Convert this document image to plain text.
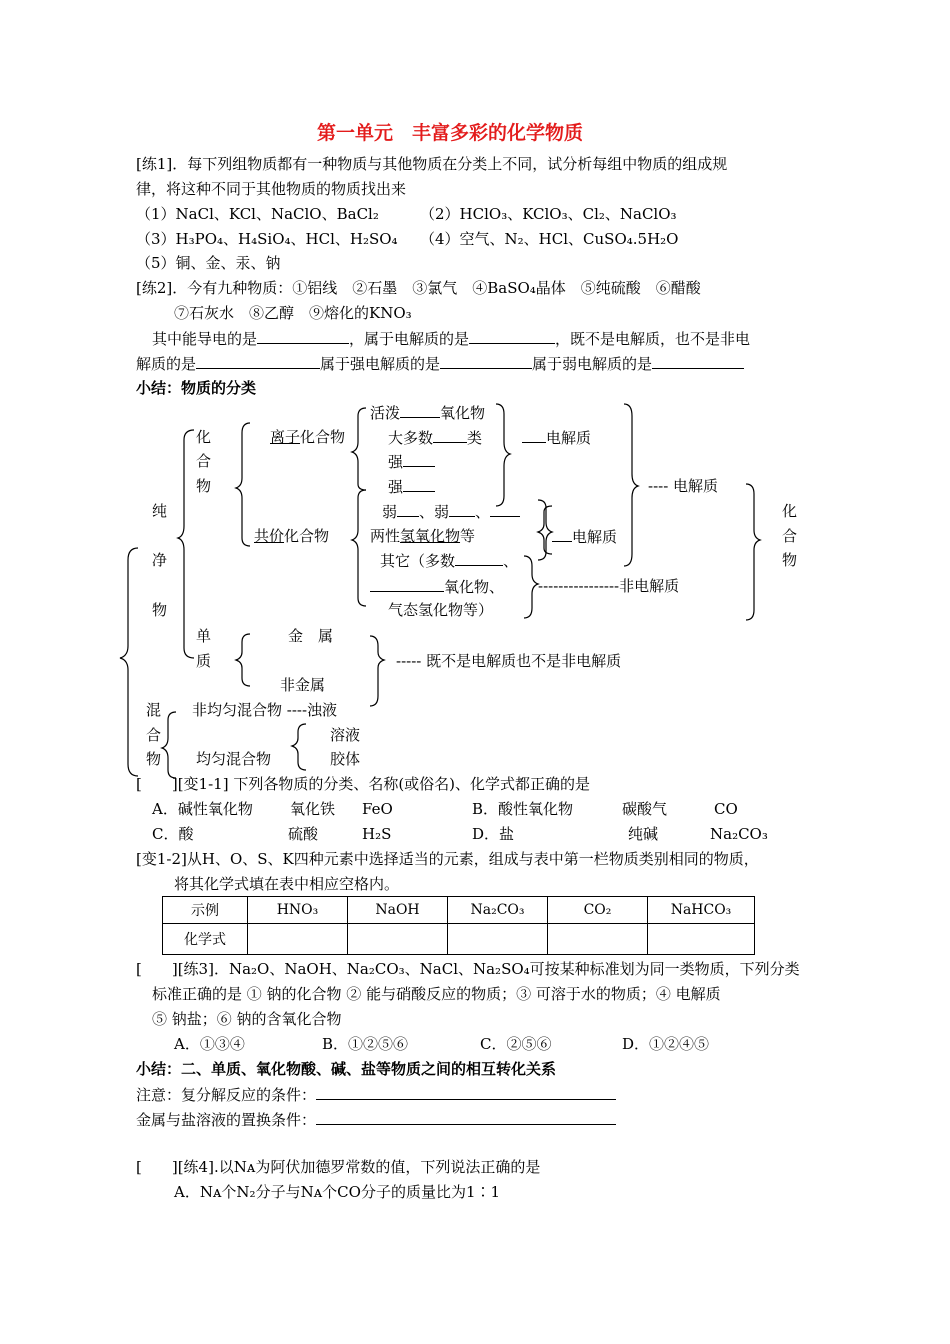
第一单元　丰富多彩的化学物质
[练1]．每下列组物质都有一种物质与其他物质在分类上不同，试分析每组中物质的组成规
律，将这种不同于其他物质的物质找出来
（1）NaCl、KCl、NaClO、BaCl₂	（2）HClO₃、KClO₃、Cl₂、NaClO₃
（3）H₃PO₄、H₄SiO₄、HCl、H₂SO₄ （4）空气、N₂、HCl、CuSO₄.5H₂O
（5）铜、金、汞、钠
[练2]．今有九种物质：①铝线　②石墨　③氯气　④BaSO₄晶体　⑤纯硫酸　⑥醋酸
⑦石灰水　⑧乙醇　⑨熔化的KNO₃
其中能导电的是	，属于电解质的是	，既不是电解质，也不是非电
解质的是	属于强电解质的是	属于弱电解质的是
小结：物质的分类
纯
净
物
化
合
物
单
质
混
合
物
离子化合物
共价化合物
活泼	氧化物
大多数 类
强
强
弱 、弱 、
两性氢氧化物等
其它（多数	、
氧化物、
气态氢化物等）
电解质
电解质
---- 电解质
----------------非电解质
化
合
物
金　属
非金属
----- 既不是电解质也不是非电解质
非均匀混合物 ----浊液
均匀混合物
溶液
胶体
[　　][变1-1] 下列各物质的分类、名称(或俗名)、化学式都正确的是
A．碱性氧化物 氧化铁 FeO	B．酸性氧化物	碳酸气	CO
C．酸	硫酸	H₂S	D．盐	纯碱	Na₂CO₃
[变1-2]从H、O、S、K四种元素中选择适当的元素，组成与表中第一栏物质类别相同的物质，
将其化学式填在表中相应空格内。
示例	HNO₃	NaOH	Na₂CO₃	CO₂	NaHCO₃
化学式					
[　　][练3]．Na₂O、NaOH、Na₂CO₃、NaCl、Na₂SO₄可按某种标准划为同一类物质，下列分类
标准正确的是 ① 钠的化合物 ② 能与硝酸反应的物质；③ 可溶于水的物质；④ 电解质
⑤ 钠盐；⑥ 钠的含氧化合物
A．①③④	B．①②⑤⑥	C．②⑤⑥	D．①②④⑤
小结：二、单质、氧化物酸、碱、盐等物质之间的相互转化关系
注意：复分解反应的条件：
金属与盐溶液的置换条件：
[　　][练4].以Nᴀ为阿伏加德罗常数的值，下列说法正确的是
A．Nᴀ个N₂分子与Nᴀ个CO分子的质量比为1∶1
